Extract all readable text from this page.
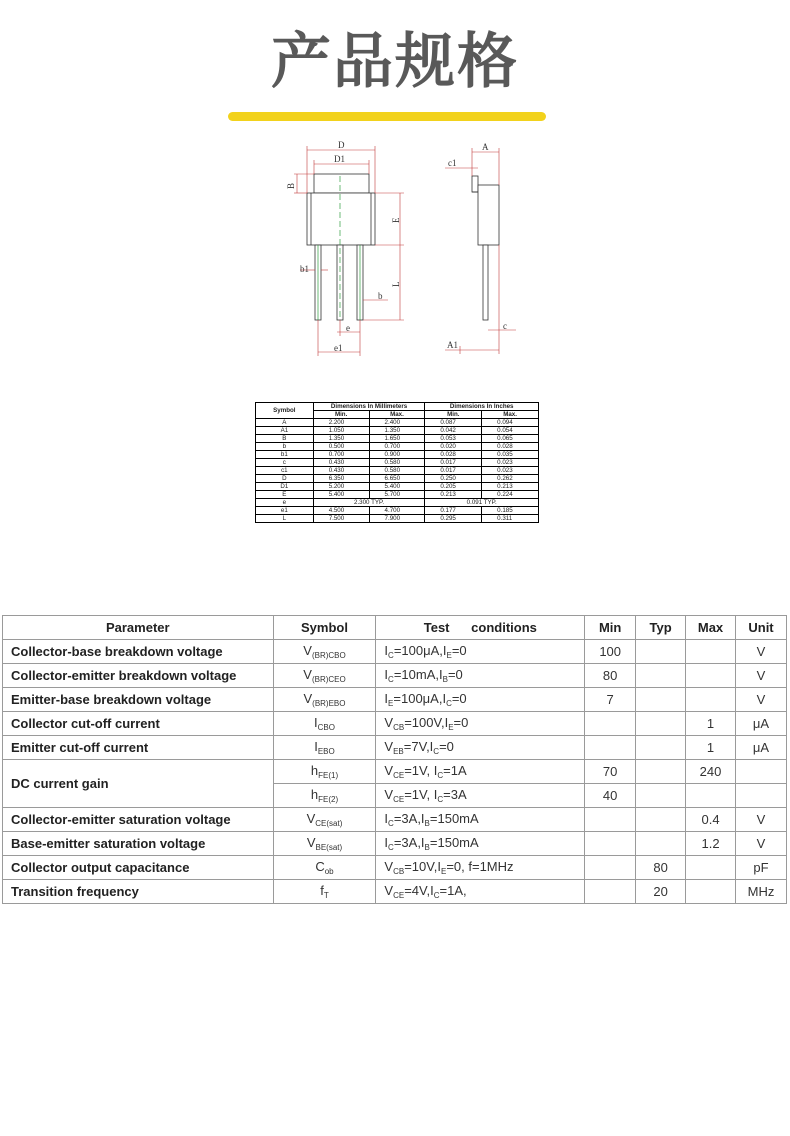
产品规格
D
D1
B
E
b1
b
L
e
e1
c1
A
c
A1
Symbol	Dimensions In Millimeters		Dimensions In Inches	
	Min.	Max.	Min.	Max.
A	2.200	2.400	0.087	0.094
A1	1.050	1.350	0.042	0.054
B	1.350	1.650	0.053	0.065
b	0.500	0.700	0.020	0.028
b1	0.700	0.900	0.028	0.035
c	0.430	0.580	0.017	0.023
c1	0.430	0.580	0.017	0.023
D	6.350	6.650	0.250	0.262
D1	5.200	5.400	0.205	0.213
E	5.400	5.700	0.213	0.224
e	2.300 TYP.		0.091 TYP.	
e1	4.500	4.700	0.177	0.185
L	7.500	7.900	0.295	0.311
Parameter	Symbol	Test      conditions	Min	Typ	Max	Unit
Collector-base breakdown voltage	$V_{(BR)CBO}$	$I_C=100\mu A,I_E=0$	100			V
Collector-emitter breakdown voltage	$V_{(BR)CEO}$	$I_C=10mA,I_B=0$	80			V
Emitter-base breakdown voltage	$V_{(BR)EBO}$	$I_E=100\mu A,I_C=0$	7			V
Collector cut-off current	$I_{CBO}$	$V_{CB}=100V,I_E=0$			1	μA
Emitter cut-off current	$I_{EBO}$	$V_{EB}=7V,I_C=0$			1	μA
DC current gain	$h_{FE(1)}$	$V_{CE}=1V$, $I_C=1A$	70		240	
	$h_{FE(2)}$	$V_{CE}=1V$, $I_C=3A$	40			
Collector-emitter saturation voltage	$V_{CE(sat)}$	$I_C=3A,I_B=150mA$			0.4	V
Base-emitter saturation voltage	$V_{BE(sat)}$	$I_C=3A,I_B=150mA$			1.2	V
Collector output capacitance	$C_{ob}$	$V_{CB}=10V,I_E=0$, f=1MHz		80		pF
Transition frequency	$f_T$	$V_{CE}=4V,I_C=1A$,		20		MHz
